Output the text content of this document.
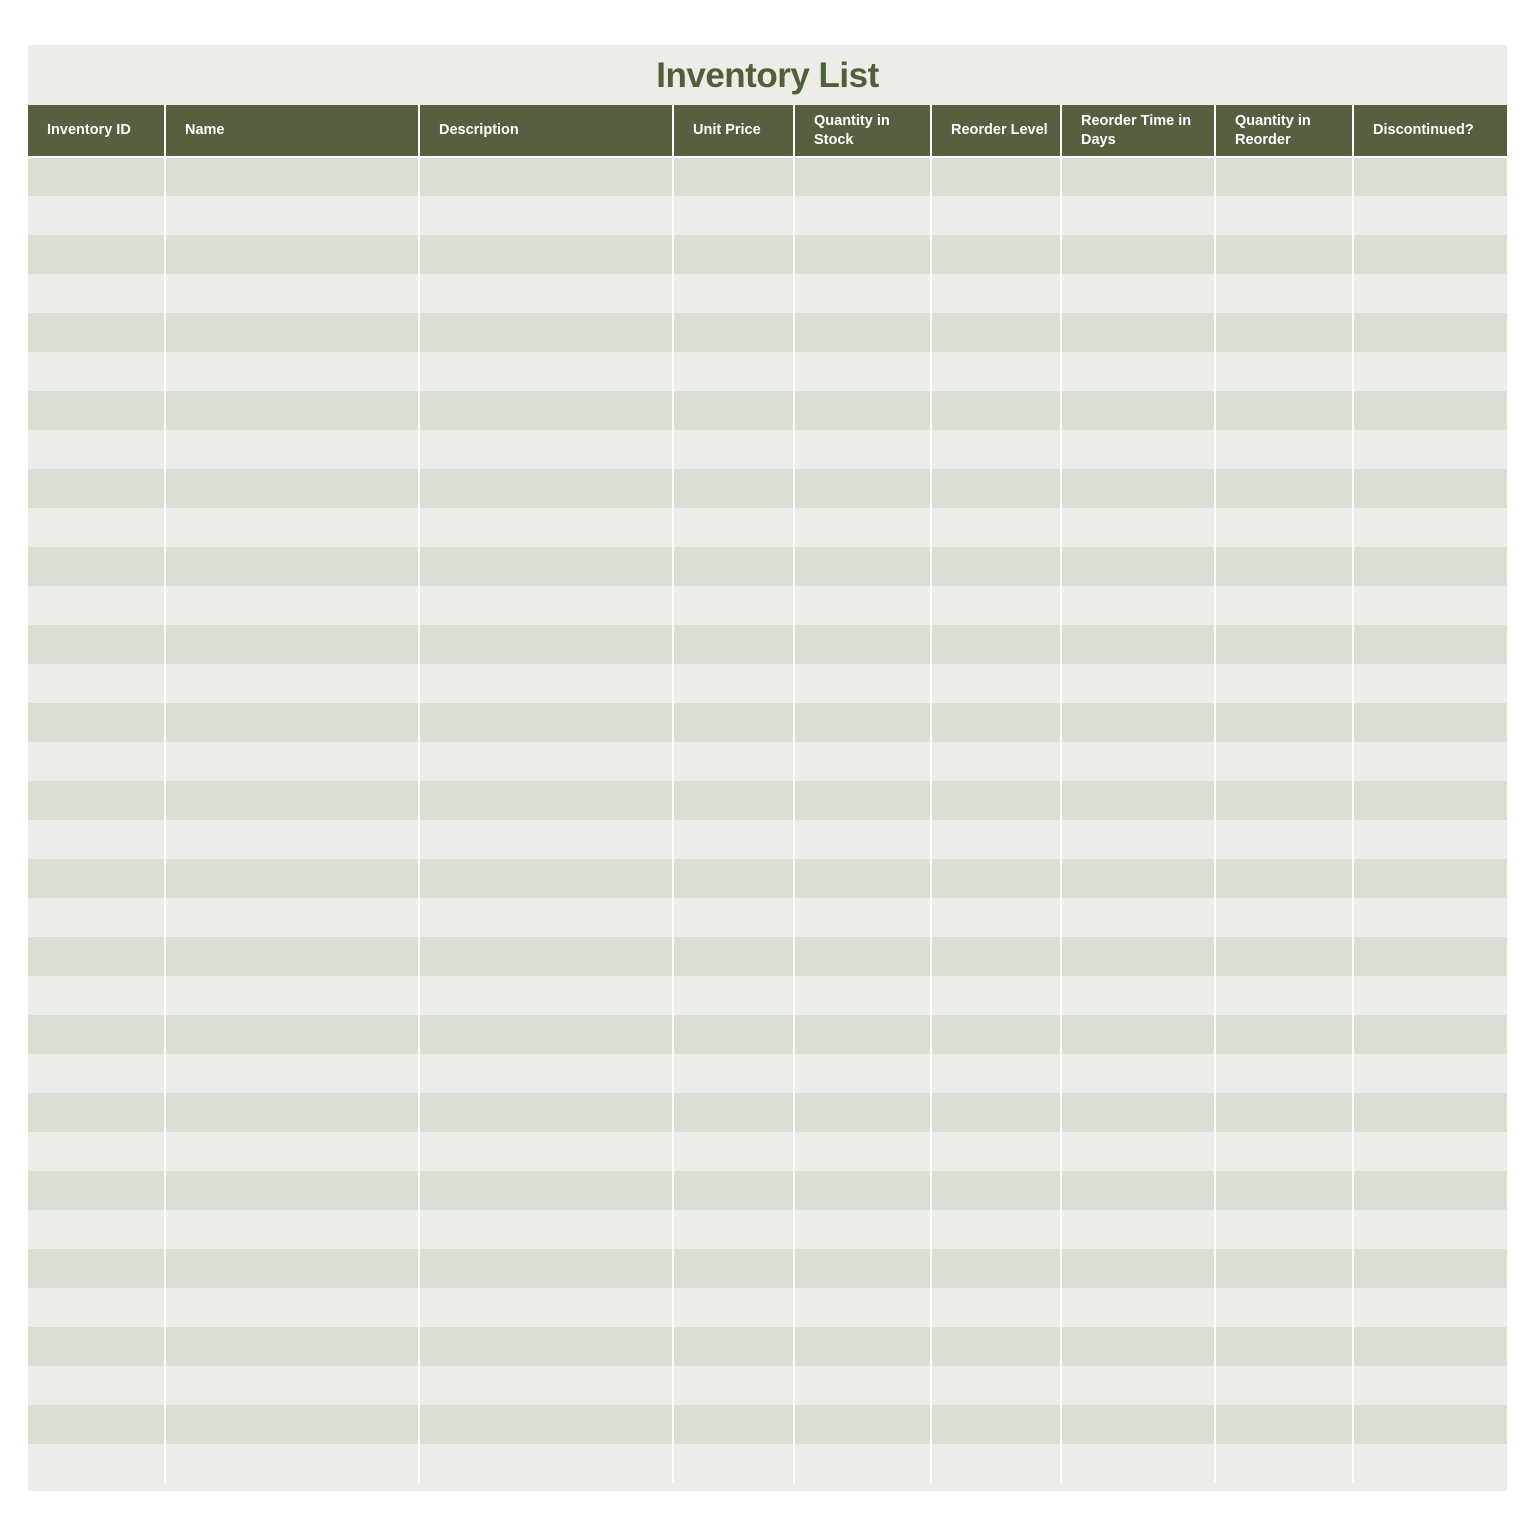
Inventory List
Inventory ID	Name	Description	Unit Price	Quantity in Stock	Reorder Level	Reorder Time in Days	Quantity in Reorder	Discontinued?
